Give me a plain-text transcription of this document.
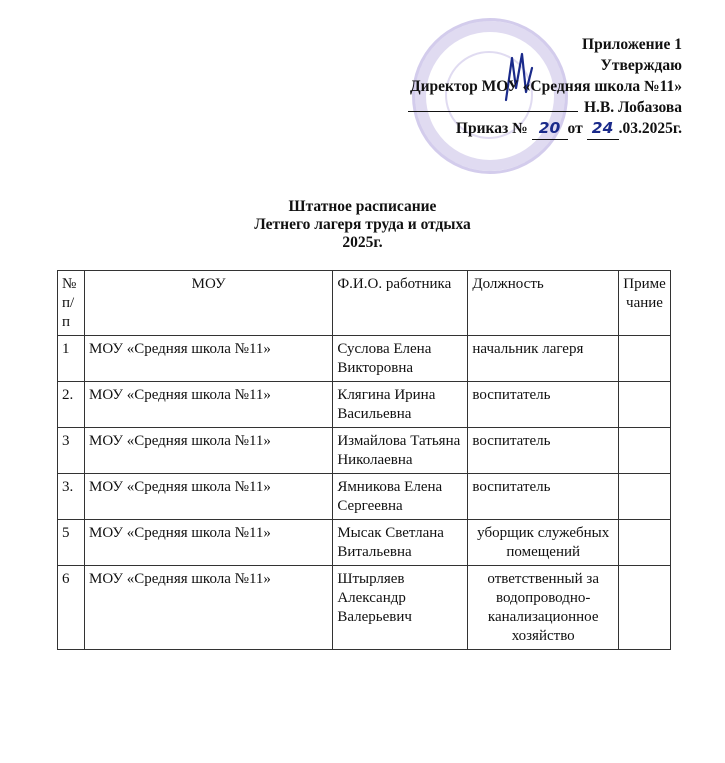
Приложение 1
Утверждаю
Директор МОУ «Средняя школа №11»
Н.В. Лобазова
Приказ № 20 от 24 .03.2025г.
Штатное расписание
Летнего лагеря труда и отдыха
2025г.
№ п/п	МОУ	Ф.И.О. работника	Должность	Примечание
1	МОУ «Средняя школа №11»	Суслова Елена Викторовна	начальник лагеря	
2.	МОУ «Средняя школа №11»	Клягина Ирина Васильевна	воспитатель	
3	МОУ «Средняя школа №11»	Измайлова Татьяна Николаевна	воспитатель	
3.	МОУ «Средняя школа №11»	Ямникова Елена Сергеевна	воспитатель	
5	МОУ «Средняя школа №11»	Мысак Светлана Витальевна	уборщик служебных помещений	
6	МОУ «Средняя школа №11»	Штырляев Александр Валерьевич	ответственный за водопроводно-канализационное хозяйство	
